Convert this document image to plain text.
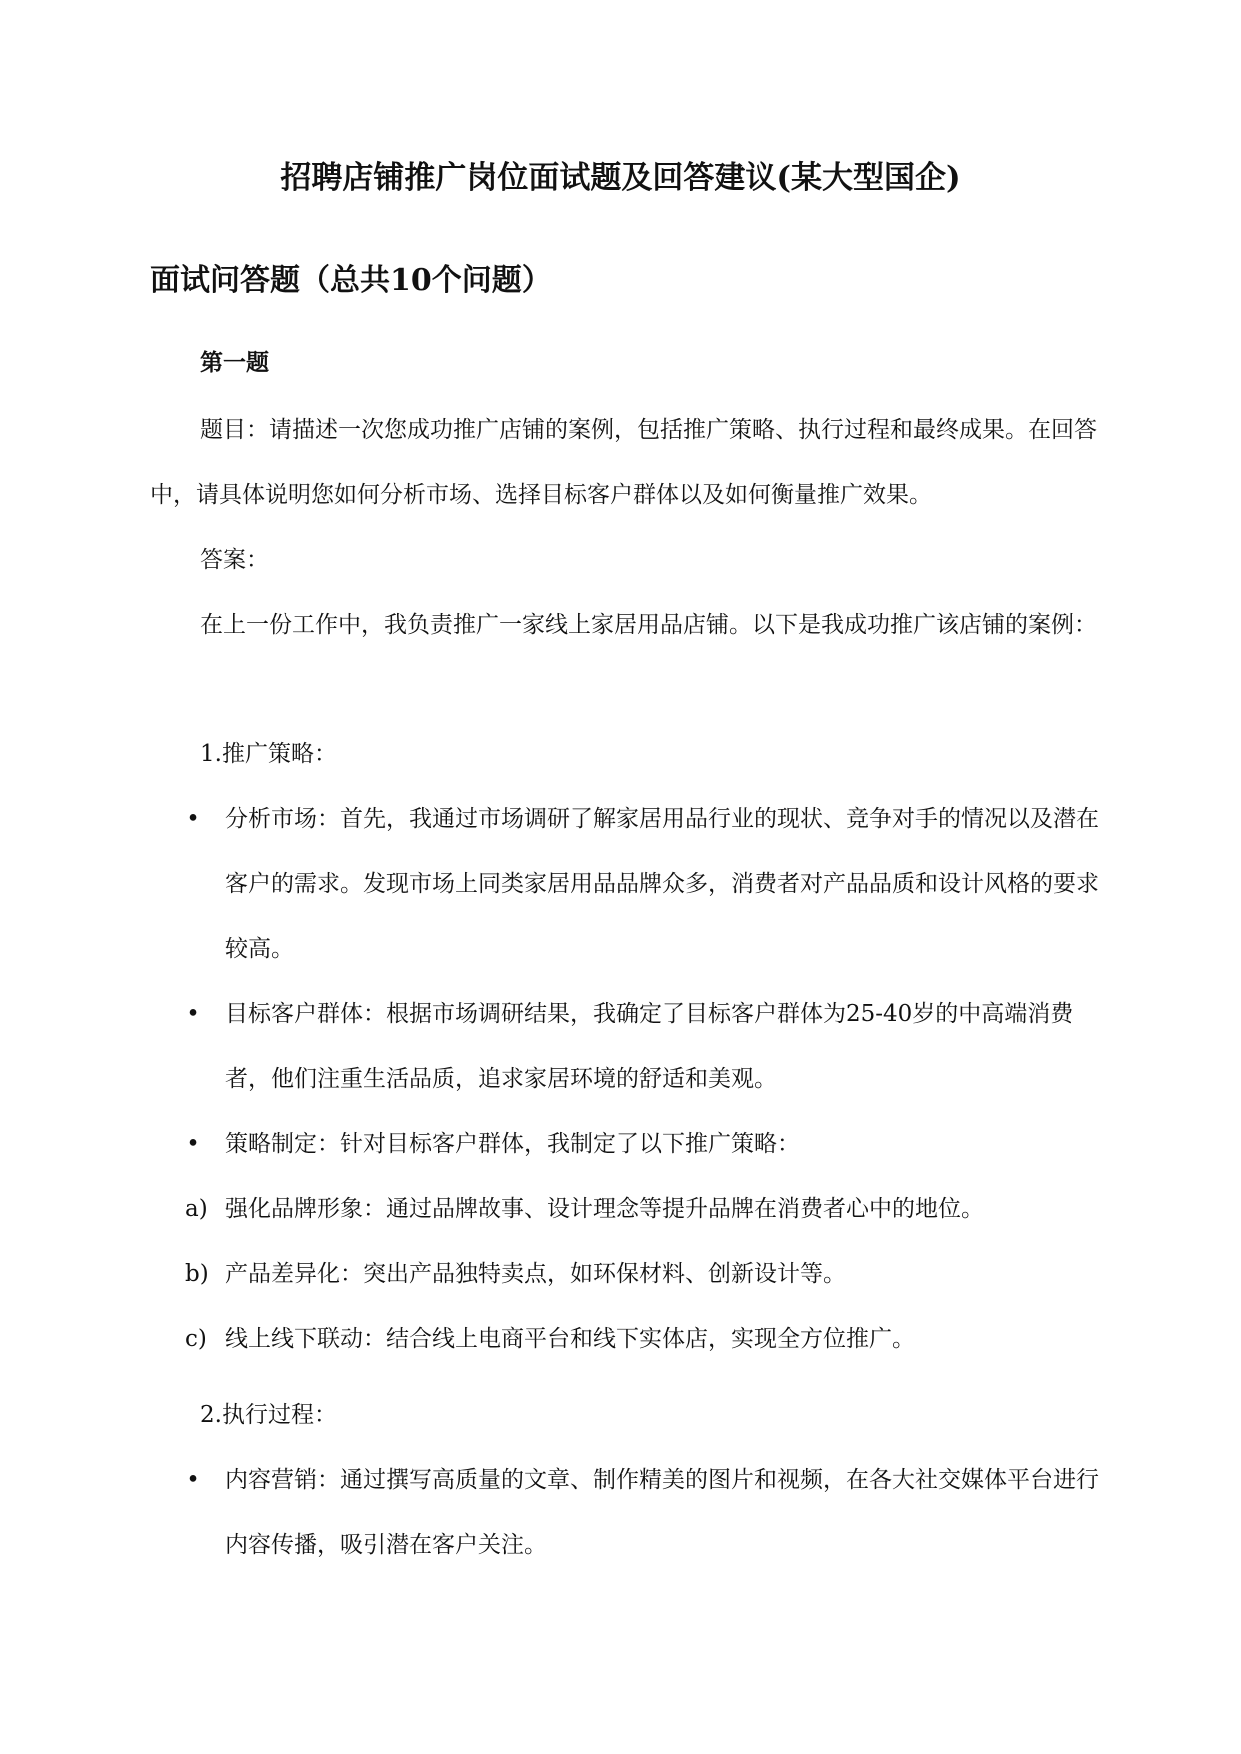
招聘店铺推广岗位面试题及回答建议(某大型国企)
面试问答题（总共10个问题）
第一题

题目：请描述一次您成功推广店铺的案例，包括推广策略、执行过程和最终成果。在回答中，请具体说明您如何分析市场、选择目标客户群体以及如何衡量推广效果。

答案：

在上一份工作中，我负责推广一家线上家居用品店铺。以下是我成功推广该店铺的案例：

1.推广策略：
• 分析市场：首先，我通过市场调研了解家居用品行业的现状、竞争对手的情况以及潜在客户的需求。发现市场上同类家居用品品牌众多，消费者对产品品质和设计风格的要求较高。
• 目标客户群体：根据市场调研结果，我确定了目标客户群体为25-40岁的中高端消费者，他们注重生活品质，追求家居环境的舒适和美观。
• 策略制定：针对目标客户群体，我制定了以下推广策略：
a) 强化品牌形象：通过品牌故事、设计理念等提升品牌在消费者心中的地位。
b) 产品差异化：突出产品独特卖点，如环保材料、创新设计等。
c) 线上线下联动：结合线上电商平台和线下实体店，实现全方位推广。
2.执行过程：
• 内容营销：通过撰写高质量的文章、制作精美的图片和视频，在各大社交媒体平台进行内容传播，吸引潜在客户关注。
